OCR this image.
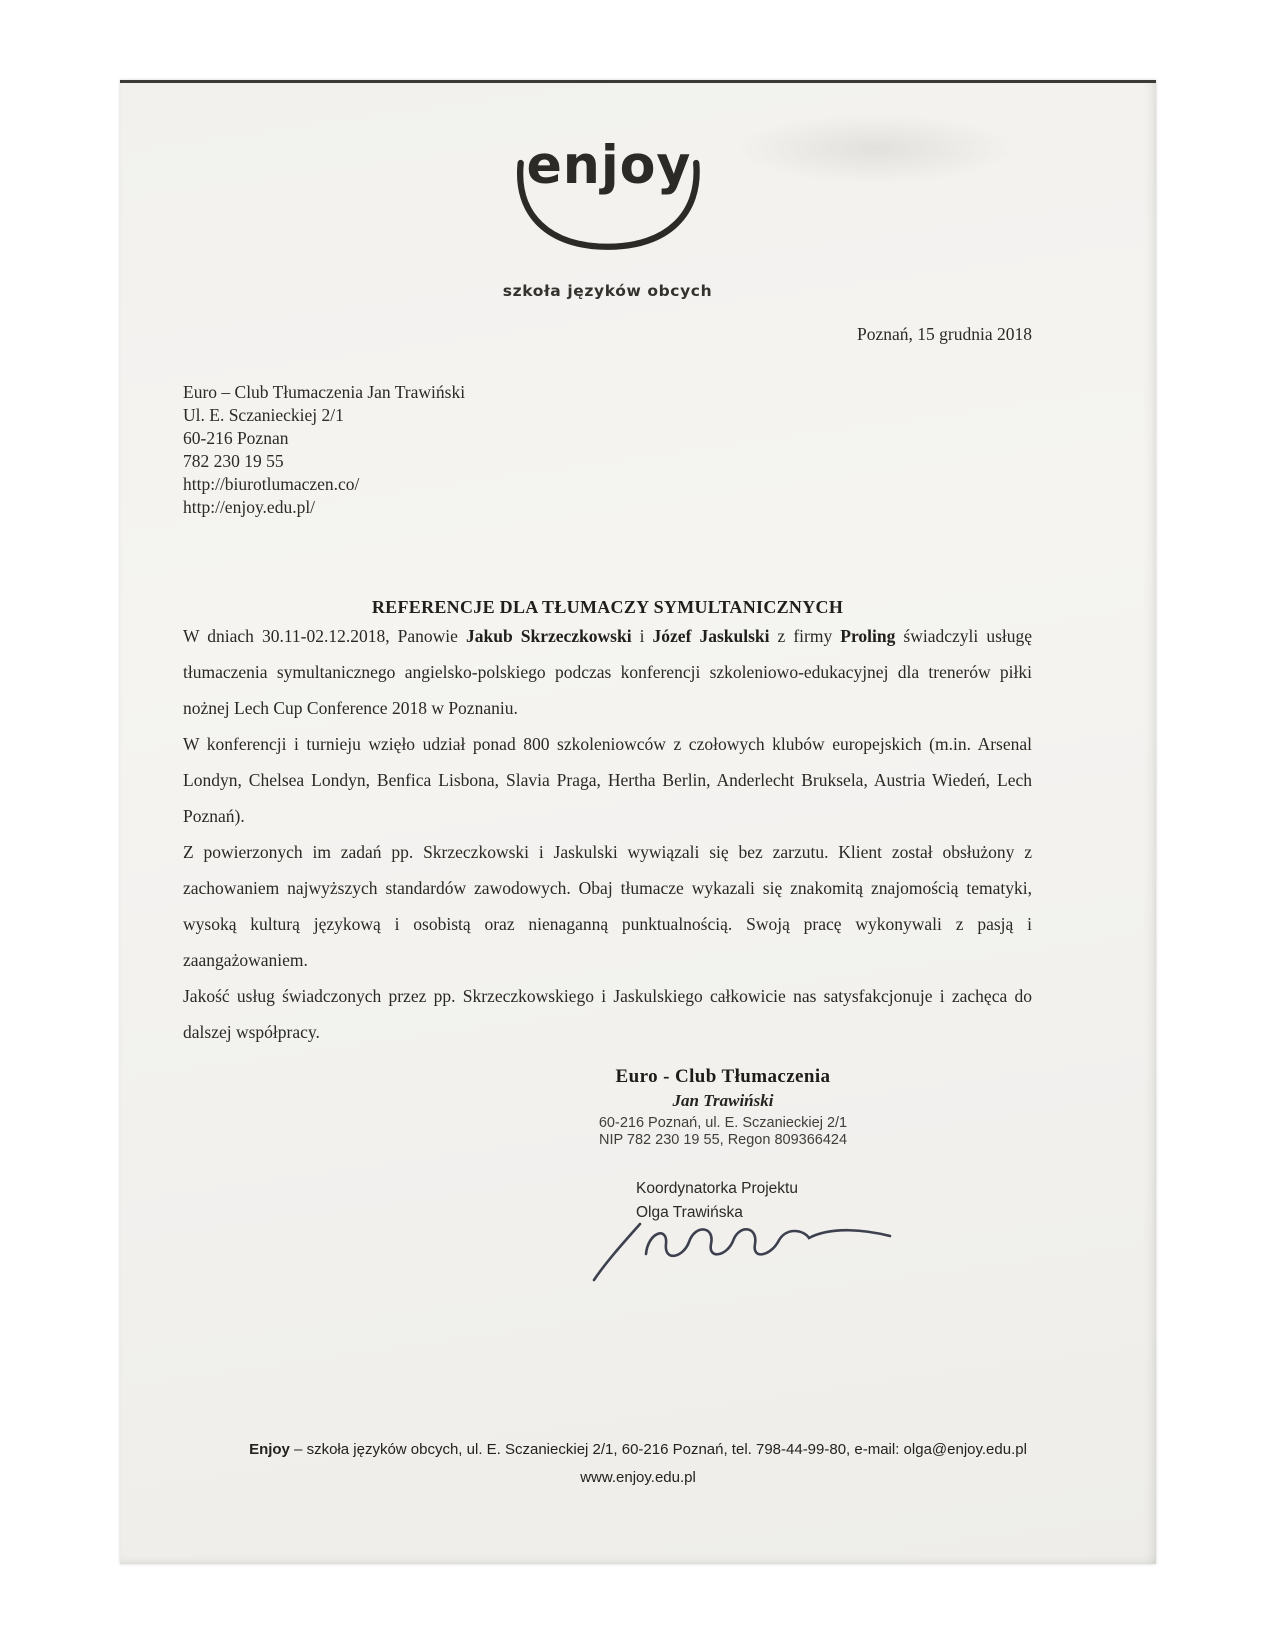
enjoy
szkoła języków obcych
Poznań, 15 grudnia 2018
Euro – Club Tłumaczenia Jan Trawiński
Ul. E. Sczanieckiej 2/1
60-216 Poznan
782 230 19 55
http://biurotlumaczen.co/
http://enjoy.edu.pl/
REFERENCJE DLA TŁUMACZY SYMULTANICZNYCH

W dniach 30.11-02.12.2018, Panowie Jakub Skrzeczkowski i Józef Jaskulski z firmy Proling świadczyli usługę tłumaczenia symultanicznego angielsko-polskiego podczas konferencji szkoleniowo-edukacyjnej dla trenerów piłki nożnej Lech Cup Conference 2018 w Poznaniu.

W konferencji i turnieju wzięło udział ponad 800 szkoleniowców z czołowych klubów europejskich (m.in. Arsenal Londyn, Chelsea Londyn, Benfica Lisbona, Slavia Praga, Hertha Berlin, Anderlecht Bruksela, Austria Wiedeń, Lech Poznań).

Z powierzonych im zadań pp. Skrzeczkowski i Jaskulski wywiązali się bez zarzutu. Klient został obsłużony z zachowaniem najwyższych standardów zawodowych. Obaj tłumacze wykazali się znakomitą znajomością tematyki, wysoką kulturą językową i osobistą oraz nienaganną punktualnością. Swoją pracę wykonywali z pasją i zaangażowaniem.

Jakość usług świadczonych przez pp. Skrzeczkowskiego i Jaskulskiego całkowicie nas satysfakcjonuje i zachęca do dalszej współpracy.

Euro - Club Tłumaczenia
Jan Trawiński
60-216 Poznań, ul. E. Sczanieckiej 2/1
NIP 782 230 19 55, Regon 809366424
Koordynatorka Projektu
Olga Trawińska
Enjoy – szkoła języków obcych, ul. E. Sczanieckiej 2/1, 60-216 Poznań, tel. 798-44-99-80, e-mail: olga@enjoy.edu.pl
www.enjoy.edu.pl
